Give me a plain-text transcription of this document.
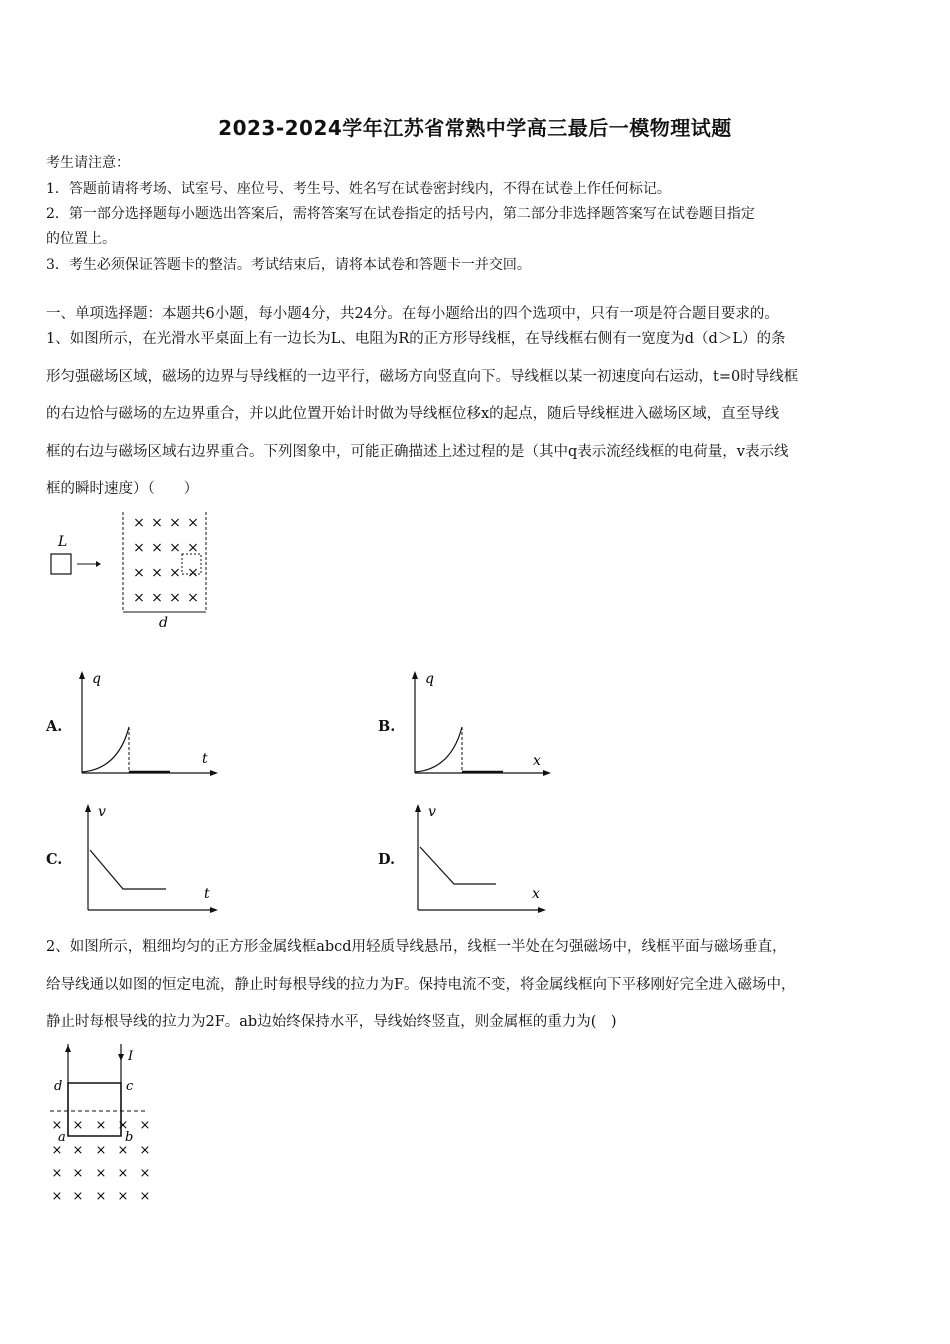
2023-2024学年江苏省常熟中学高三最后一模物理试题
考生请注意：
1．答题前请将考场、试室号、座位号、考生号、姓名写在试卷密封线内，不得在试卷上作任何标记。
2．第一部分选择题每小题选出答案后，需将答案写在试卷指定的括号内，第二部分非选择题答案写在试卷题目指定
的位置上。
3．考生必须保证答题卡的整洁。考试结束后，请将本试卷和答题卡一并交回。
一、单项选择题：本题共6小题，每小题4分，共24分。在每小题给出的四个选项中，只有一项是符合题目要求的。
1、如图所示，在光滑水平桌面上有一边长为L、电阻为R的正方形导线框，在导线框右侧有一宽度为d（d＞L）的条
形匀强磁场区域，磁场的边界与导线框的一边平行，磁场方向竖直向下。导线框以某一初速度向右运动，t=0时导线框
的右边恰与磁场的左边界重合，并以此位置开始计时做为导线框位移x的起点，随后导线框进入磁场区域，直至导线
框的右边与磁场区域右边界重合。下列图象中，可能正确描述上述过程的是（其中q表示流经线框的电荷量，v表示线
框的瞬时速度）（　　）
L
× × × ×
× × × ×
× × × ×
× × × ×
d
A.	B.
C.	D.
q
t
q
x
v
t
v
x
2、如图所示，粗细均匀的正方形金属线框abcd用轻质导线悬吊，线框一半处在匀强磁场中，线框平面与磁场垂直，
给导线通以如图的恒定电流，静止时每根导线的拉力为F。保持电流不变，将金属线框向下平移刚好完全进入磁场中，
静止时每根导线的拉力为2F。ab边始终保持水平，导线始终竖直，则金属框的重力为(　)
I
d	c
a	b
× × × × ×
× × × × ×
× × × × ×
× × × × ×
